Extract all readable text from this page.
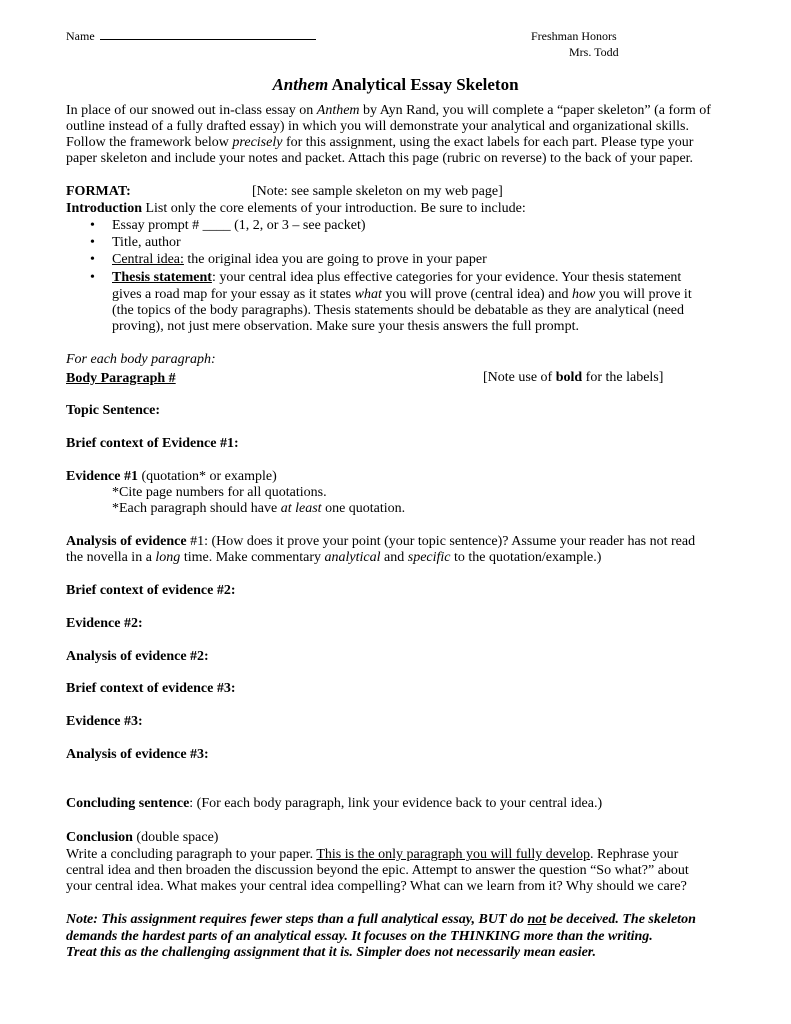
Name	Freshman Honors
Mrs. Todd
Anthem Analytical Essay Skeleton
In place of our snowed out in-class essay on Anthem by Ayn Rand, you will complete a “paper skeleton” (a form of
outline instead of a fully drafted essay) in which you will demonstrate your analytical and organizational skills.
Follow the framework below precisely for this assignment, using the exact labels for each part. Please type your
paper skeleton and include your notes and packet. Attach this page (rubric on reverse) to the back of your paper.
FORMAT:	[Note: see sample skeleton on my web page]
Introduction List only the core elements of your introduction. Be sure to include:
• Essay prompt # ____ (1, 2, or 3 – see packet)
• Title, author
• Central idea: the original idea you are going to prove in your paper
• Thesis statement: your central idea plus effective categories for your evidence. Your thesis statement
gives a road map for your essay as it states what you will prove (central idea) and how you will prove it
(the topics of the body paragraphs). Thesis statements should be debatable as they are analytical (need
proving), not just mere observation. Make sure your thesis answers the full prompt.
For each body paragraph:
Body Paragraph #	[Note use of bold for the labels]
Topic Sentence:
Brief context of Evidence #1:
Evidence #1 (quotation* or example)
*Cite page numbers for all quotations.
*Each paragraph should have at least one quotation.
Analysis of evidence #1: (How does it prove your point (your topic sentence)? Assume your reader has not read
the novella in a long time. Make commentary analytical and specific to the quotation/example.)
Brief context of evidence #2:
Evidence #2:
Analysis of evidence #2:
Brief context of evidence #3:
Evidence #3:
Analysis of evidence #3:
Concluding sentence: (For each body paragraph, link your evidence back to your central idea.)
Conclusion (double space)
Write a concluding paragraph to your paper. This is the only paragraph you will fully develop. Rephrase your
central idea and then broaden the discussion beyond the epic. Attempt to answer the question “So what?” about
your central idea. What makes your central idea compelling? What can we learn from it? Why should we care?
Note: This assignment requires fewer steps than a full analytical essay, BUT do not be deceived. The skeleton
demands the hardest parts of an analytical essay. It focuses on the THINKING more than the writing.
Treat this as the challenging assignment that it is. Simpler does not necessarily mean easier.
